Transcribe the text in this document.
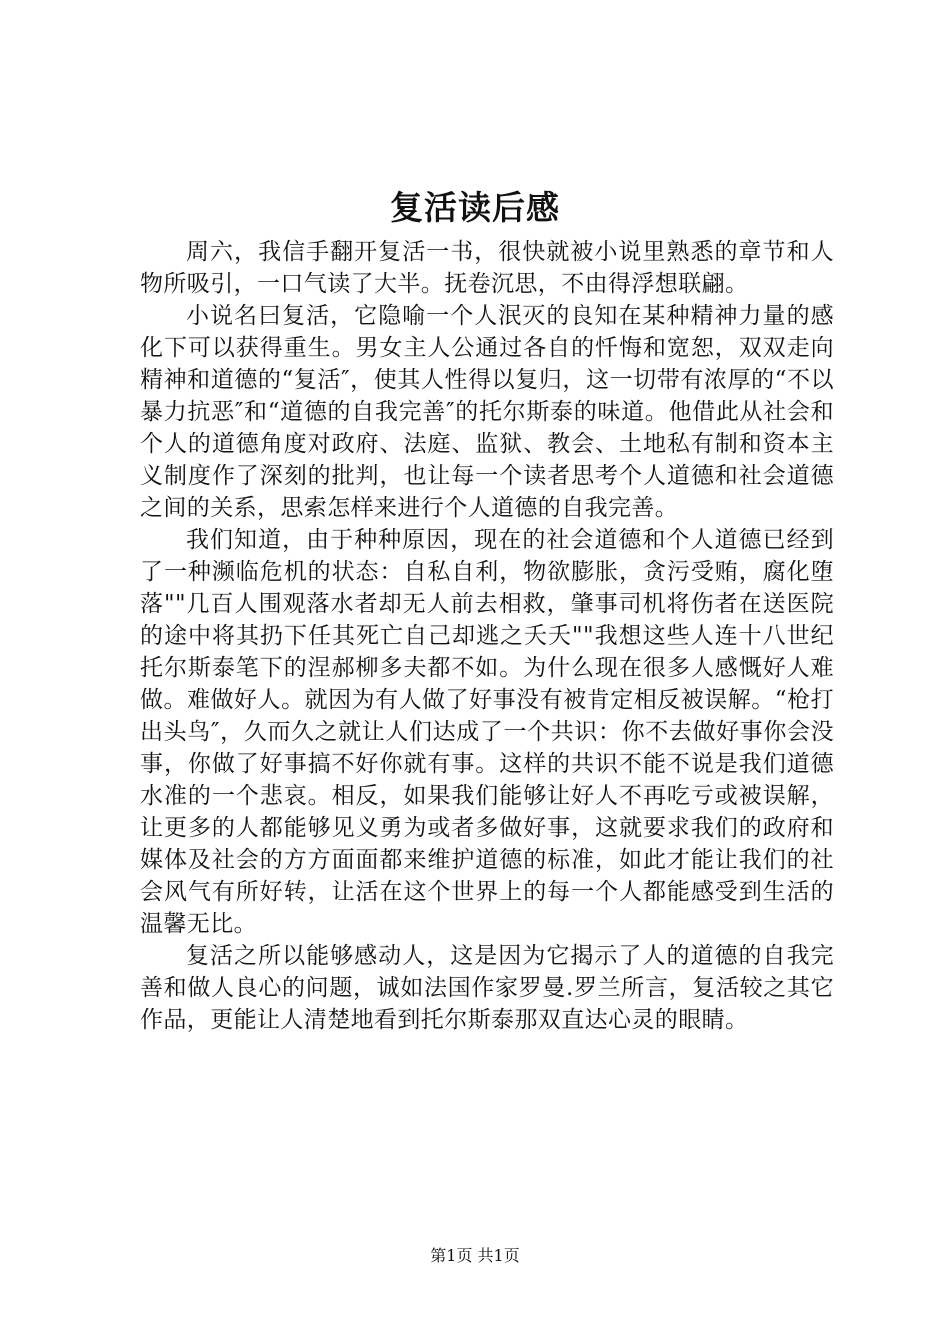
复活读后感

周六，我信手翻开复活一书，很快就被小说里熟悉的章节和人物所吸引，一口气读了大半。抚卷沉思，不由得浮想联翩。

小说名曰复活，它隐喻一个人泯灭的良知在某种精神力量的感化下可以获得重生。男女主人公通过各自的忏悔和宽恕，双双走向精神和道德的“复活″，使其人性得以复归，这一切带有浓厚的“不以暴力抗恶″和“道德的自我完善″的托尔斯泰的味道。他借此从社会和个人的道德角度对政府、法庭、监狱、教会、土地私有制和资本主义制度作了深刻的批判，也让每一个读者思考个人道德和社会道德之间的关系，思索怎样来进行个人道德的自我完善。

我们知道，由于种种原因，现在的社会道德和个人道德已经到了一种濒临危机的状态：自私自利，物欲膨胀，贪污受贿，腐化堕落""几百人围观落水者却无人前去相救，肇事司机将伤者在送医院的途中将其扔下任其死亡自己却逃之夭夭""我想这些人连十八世纪托尔斯泰笔下的涅郝柳多夫都不如。为什么现在很多人感慨好人难做。难做好人。就因为有人做了好事没有被肯定相反被误解。“枪打出头鸟″，久而久之就让人们达成了一个共识：你不去做好事你会没事，你做了好事搞不好你就有事。这样的共识不能不说是我们道德水准的一个悲哀。相反，如果我们能够让好人不再吃亏或被误解，让更多的人都能够见义勇为或者多做好事，这就要求我们的政府和媒体及社会的方方面面都来维护道德的标准，如此才能让我们的社会风气有所好转，让活在这个世界上的每一个人都能感受到生活的温馨无比。

复活之所以能够感动人，这是因为它揭示了人的道德的自我完善和做人良心的问题，诚如法国作家罗曼.罗兰所言，复活较之其它作品，更能让人清楚地看到托尔斯泰那双直达心灵的眼睛。

第1页 共1页
